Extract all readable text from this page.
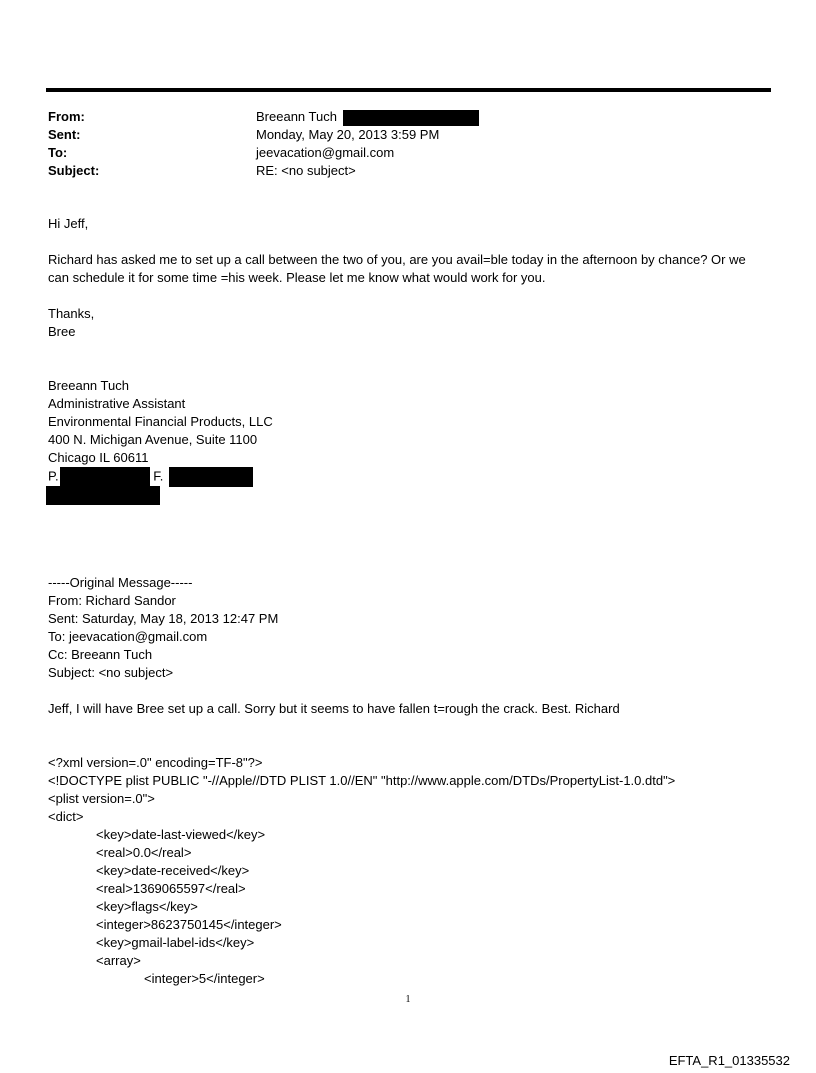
From:	Breeann Tuch
Sent:	Monday, May 20, 2013 3:59 PM
To:	jeevacation@gmail.com
Subject:	RE: <no subject>
Hi Jeff,
Richard has asked me to set up a call between the two of you, are you avail=ble today in the afternoon by chance? Or we can schedule it for some time =his week. Please let me know what would work for you.
Thanks,
Bree
Breeann Tuch
Administrative Assistant
Environmental Financial Products, LLC
400 N. Michigan Avenue, Suite 1100
Chicago IL 60611
P.	F.
-----Original Message-----
From: Richard Sandor
Sent: Saturday, May 18, 2013 12:47 PM
To: jeevacation@gmail.com
Cc: Breeann Tuch
Subject: <no subject>
Jeff, I will have Bree set up a call. Sorry but it seems to have fallen t=rough the crack. Best. Richard
<?xml version=.0" encoding=TF-8"?>
<!DOCTYPE plist PUBLIC "-//Apple//DTD PLIST 1.0//EN" "http://www.apple.com/DTDs/PropertyList-1.0.dtd">
<plist version=.0">
<dict>
<key>date-last-viewed</key>
<real>0.0</real>
<key>date-received</key>
<real>1369065597</real>
<key>flags</key>
<integer>8623750145</integer>
<key>gmail-label-ids</key>
<array>
<integer>5</integer>
1
EFTA_R1_01335532
